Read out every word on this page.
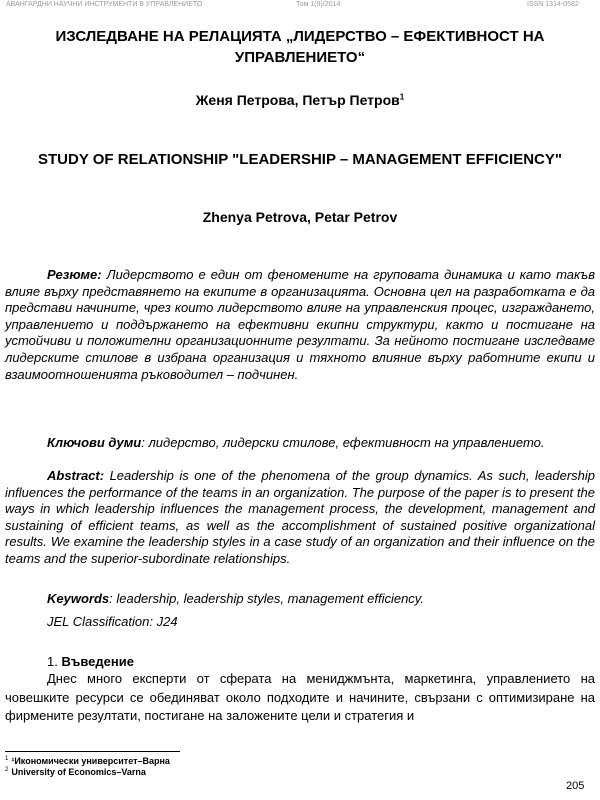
АВАНГАРДНИ НАУЧНИ ИНСТРУМЕНТИ В УПРАВЛЕНИЕТО	Том 1(9)/2014	ISSN 1314-0582
ИЗСЛЕДВАНЕ НА РЕЛАЦИЯТА „ЛИДЕРСТВО – ЕФЕКТИВНОСТ НА УПРАВЛЕНИЕТО“
Женя Петрова, Петър Петров$^1$
STUDY OF RELATIONSHIP "LEADERSHIP – MANAGEMENT EFFICIENCY"
Zhenya Petrova, Petar Petrov
Резюме: Лидерството е един от феномените на груповата динамика и като такъв влияе върху представянето на екипите в организацията. Основна цел на разработката е да представи начините, чрез които лидерството влияе на управленския процес, изграждането, управлението и поддържането на ефективни екипни структури, както и постигане на устойчиви и положителни организационните резултати. За нейното постигане изследваме лидерските стилове в избрана организация и тяхното влияние върху работните екипи и взаимоотношенията ръководител – подчинен.
Ключови думи: лидерство, лидерски стилове, ефективност на управлението.
Abstract: Leadership is one of the phenomena of the group dynamics. As such, leadership influences the performance of the teams in an organization. The purpose of the paper is to present the ways in which leadership influences the management process, the development, management and sustaining of efficient teams, as well as the accomplishment of sustained positive organizational results. We examine the leadership styles in a case study of an organization and their influence on the teams and the superior-subordinate relationships.
Keywords: leadership, leadership styles, management efficiency.
JEL Classification: J24
1. Въведение
Днес много експерти от сферата на мениджмънта, маркетинга, управлението на човешките ресурси се обединяват около подходите и начините, свързани с оптимизиране на фирмените резултати, постигане на заложените цели и стратегия и
$^1$ ¹Икономически университет–Варна
$^2$ University of Economics–Varna
205
